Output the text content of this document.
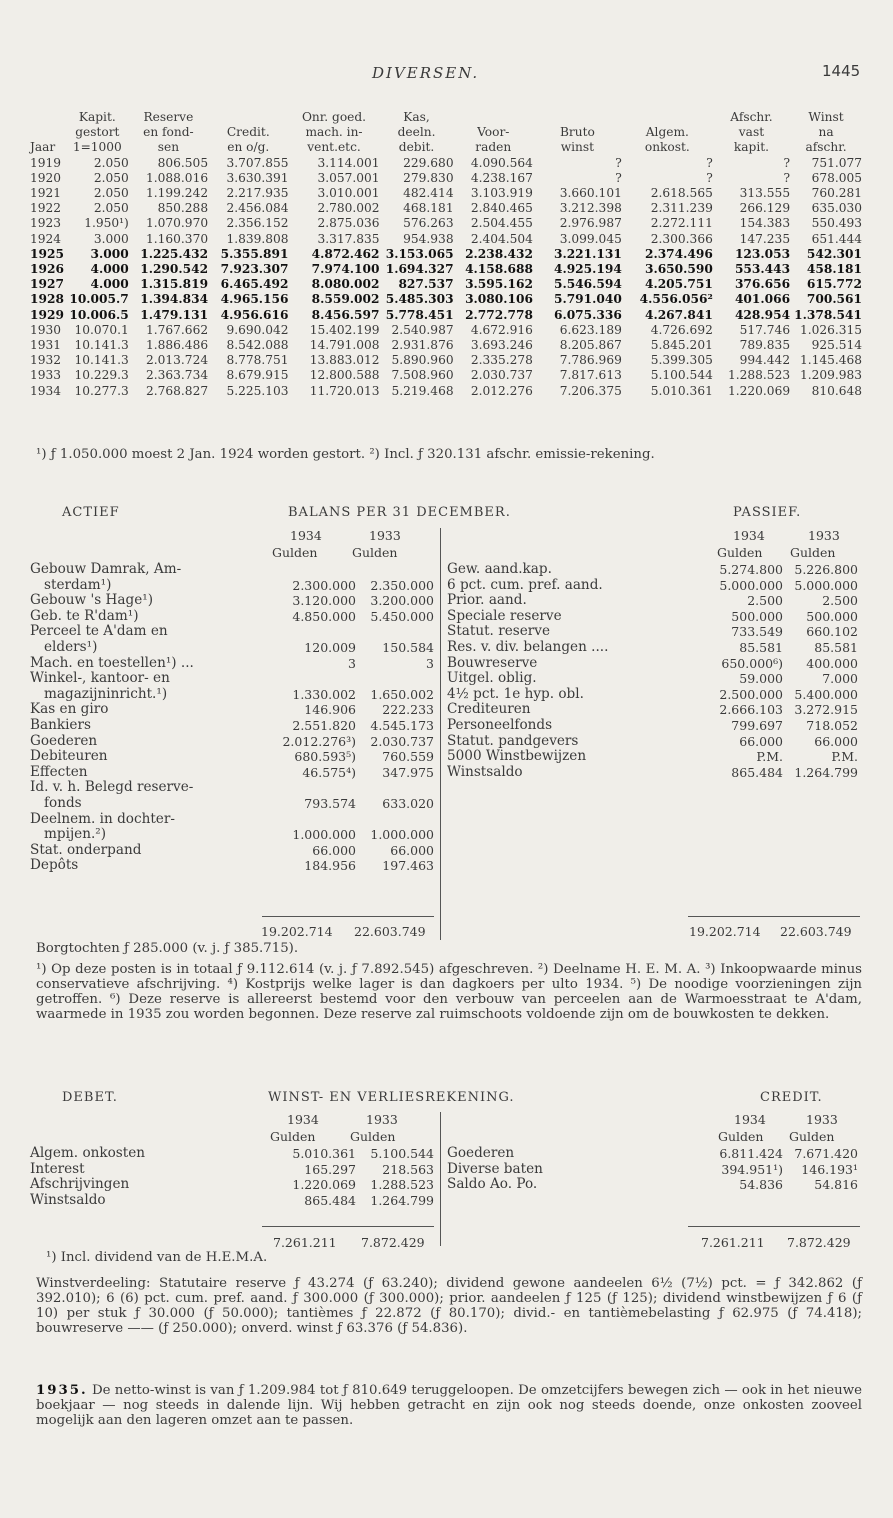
DIVERSEN.	1445
	Kapit.	Reserve		Onr. goed.	Kas,				Afschr.	Winst
	gestort	en fond-	Credit.	mach. in-	deeln.	Voor-	Bruto	Algem.	vast	na
Jaar	1=1000	sen	en o/g.	vent.etc.	debit.	raden	winst	onkost.	kapit.	afschr.
1919	2.050	806.505	3.707.855	3.114.001	229.680	4.090.564	?	?	?	751.077
1920	2.050	1.088.016	3.630.391	3.057.001	279.830	4.238.167	?	?	?	678.005
1921	2.050	1.199.242	2.217.935	3.010.001	482.414	3.103.919	3.660.101	2.618.565	313.555	760.281
1922	2.050	850.288	2.456.084	2.780.002	468.181	2.840.465	3.212.398	2.311.239	266.129	635.030
1923	1.950¹)	1.070.970	2.356.152	2.875.036	576.263	2.504.455	2.976.987	2.272.111	154.383	550.493
1924	3.000	1.160.370	1.839.808	3.317.835	954.938	2.404.504	3.099.045	2.300.366	147.235	651.444
1925	3.000	1.225.432	5.355.891	4.872.462	3.153.065	2.238.432	3.221.131	2.374.496	123.053	542.301
1926	4.000	1.290.542	7.923.307	7.974.100	1.694.327	4.158.688	4.925.194	3.650.590	553.443	458.181
1927	4.000	1.315.819	6.465.492	8.080.002	827.537	3.595.162	5.546.594	4.205.751	376.656	615.772
1928	10.005.7	1.394.834	4.965.156	8.559.002	5.485.303	3.080.106	5.791.040	4.556.056²	401.066	700.561
1929	10.006.5	1.479.131	4.956.616	8.456.597	5.778.451	2.772.778	6.075.336	4.267.841	428.954	1.378.541
1930	10.070.1	1.767.662	9.690.042	15.402.199	2.540.987	4.672.916	6.623.189	4.726.692	517.746	1.026.315
1931	10.141.3	1.886.486	8.542.088	14.791.008	2.931.876	3.693.246	8.205.867	5.845.201	789.835	925.514
1932	10.141.3	2.013.724	8.778.751	13.883.012	5.890.960	2.335.278	7.786.969	5.399.305	994.442	1.145.468
1933	10.229.3	2.363.734	8.679.915	12.800.588	7.508.960	2.030.737	7.817.613	5.100.544	1.288.523	1.209.983
1934	10.277.3	2.768.827	5.225.103	11.720.013	5.219.468	2.012.276	7.206.375	5.010.361	1.220.069	810.648
¹) ƒ 1.050.000 moest 2 Jan. 1924 worden gestort. ²) Incl. ƒ 320.131 afschr. emissie-rekening.
ACTIEF	BALANS PER 31 DECEMBER.	PASSIEF.
1934	1933
Gulden	Gulden
1934	1933
Gulden Gulden
Gebouw Damrak, Am-		
sterdam¹)	2.300.000	2.350.000
Gebouw 's Hage¹)	3.120.000	3.200.000
Geb. te R'dam¹)	4.850.000	5.450.000
Perceel te A'dam en		
elders¹)	120.009	150.584
Mach. en toestellen¹) ...	3	3
Winkel-, kantoor- en		
magazijninricht.¹)	1.330.002	1.650.002
Kas en giro	146.906	222.233
Bankiers	2.551.820	4.545.173
Goederen	2.012.276³)	2.030.737
Debiteuren	680.593⁵)	760.559
Effecten	46.575⁴)	347.975
Id. v. h. Belegd reserve-		
fonds	793.574	633.020
Deelnem. in dochter-		
mpijen.²)	1.000.000	1.000.000
Stat. onderpand	66.000	66.000
Depôts	184.956	197.463
Gew. aand.kap.	5.274.800	5.226.800
6 pct. cum. pref. aand.	5.000.000	5.000.000
Prior. aand.	2.500	2.500
Speciale reserve	500.000	500.000
Statut. reserve	733.549	660.102
Res. v. div. belangen ....	85.581	85.581
Bouwreserve	650.000⁶)	400.000
Uitgel. oblig.	59.000	7.000
4½ pct. 1e hyp. obl.	2.500.000	5.400.000
Crediteuren	2.666.103	3.272.915
Personeelfonds	799.697	718.052
Statut. pandgevers	66.000	66.000
5000 Winstbewijzen	P.M.	P.M.
Winstsaldo	865.484	1.264.799
19.202.714 22.603.749	19.202.714 22.603.749
Borgtochten ƒ 285.000 (v. j. ƒ 385.715).
¹) Op deze posten is in totaal ƒ 9.112.614 (v. j. ƒ 7.892.545) afgeschreven. ²) Deelname H. E. M. A. ³) Inkoopwaarde minus conservatieve afschrijving. ⁴) Kostprijs welke lager is dan dagkoers per ulto 1934. ⁵) De noodige voorzieningen zijn getroffen. ⁶) Deze reserve is allereerst bestemd voor den verbouw van perceelen aan de Warmoesstraat te A'dam, waarmede in 1935 zou worden begonnen. Deze reserve zal ruimschoots voldoende zijn om de bouwkosten te dekken.
DEBET.	WINST- EN VERLIESREKENING.	CREDIT.
1934	1933
Gulden	Gulden
1934	1933
Gulden Gulden
Algem. onkosten	5.010.361	5.100.544
Interest	165.297	218.563
Afschrijvingen	1.220.069	1.288.523
Winstsaldo	865.484	1.264.799
Goederen	6.811.424	7.671.420
Diverse baten	394.951¹)	146.193¹
Saldo Ao. Po.	54.836	54.816
7.261.211 7.872.429	7.261.211 7.872.429
¹) Incl. dividend van de H.E.M.A.
Winstverdeeling: Statutaire reserve ƒ 43.274 (ƒ 63.240); dividend gewone aandeelen 6½ (7½) pct. = ƒ 342.862 (ƒ 392.010); 6 (6) pct. cum. pref. aand. ƒ 300.000 (ƒ 300.000); prior. aandeelen ƒ 125 (ƒ 125); dividend winstbewijzen ƒ 6 (ƒ 10) per stuk ƒ 30.000 (ƒ 50.000); tantièmes ƒ 22.872 (ƒ 80.170); divid.- en tantièmebelasting ƒ 62.975 (ƒ 74.418); bouwreserve —— (ƒ 250.000); onverd. winst ƒ 63.376 (ƒ 54.836).
1935. De netto-winst is van ƒ 1.209.984 tot ƒ 810.649 teruggeloopen. De omzetcijfers bewegen zich — ook in het nieuwe boekjaar — nog steeds in dalende lijn. Wij hebben getracht en zijn ook nog steeds doende, onze onkosten zooveel mogelijk aan den lageren omzet aan te passen.
